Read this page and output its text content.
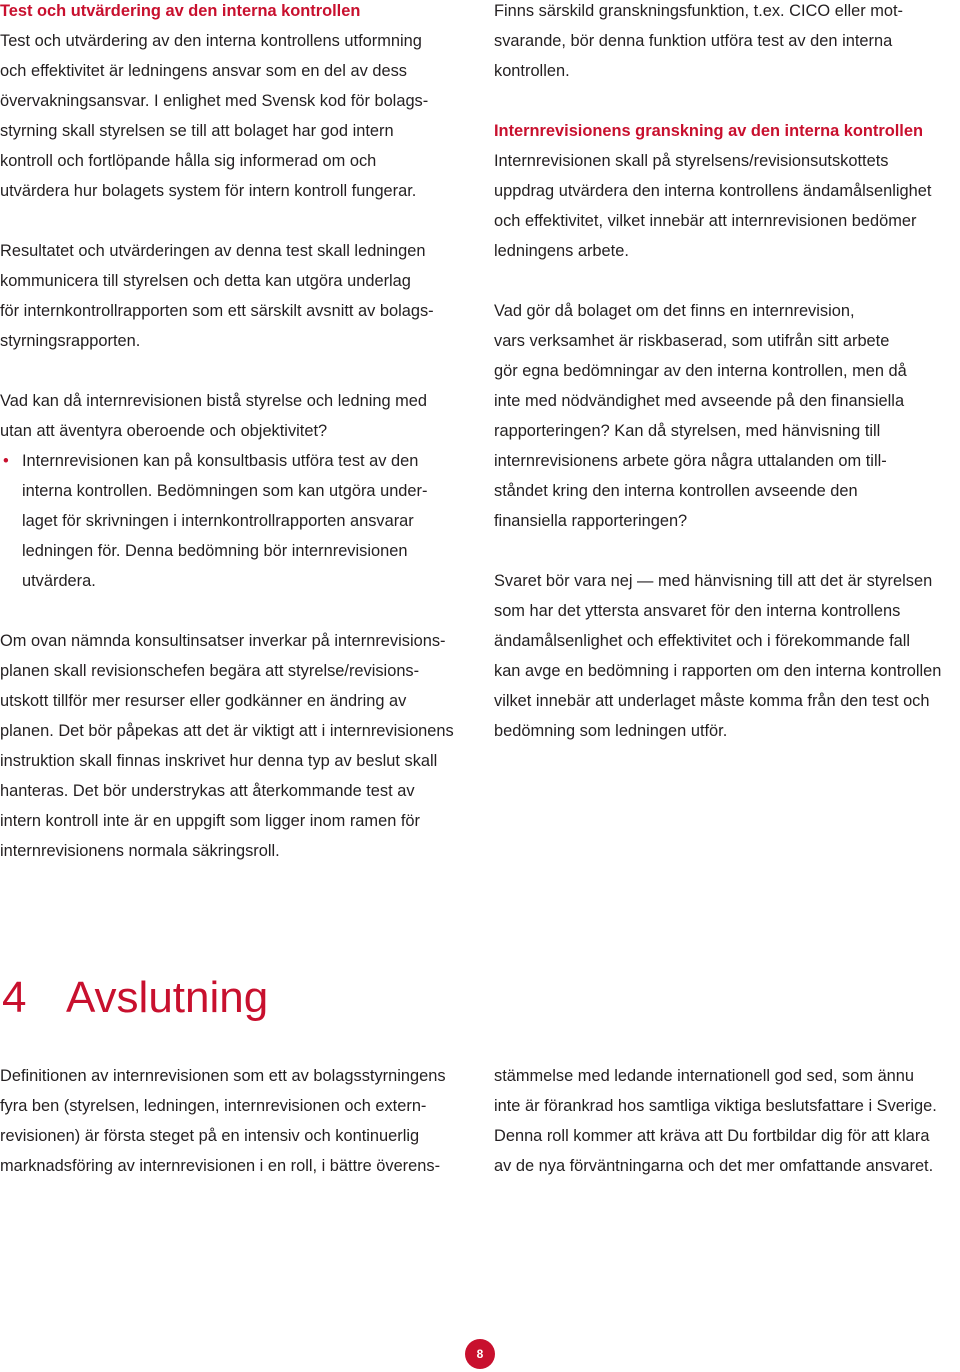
Test och utvärdering av den interna kontrollen
Test och utvärdering av den interna kontrollens utformning
och effektivitet är ledningens ansvar som en del av dess
övervakningsansvar. I enlighet med Svensk kod för bolags-
styrning skall styrelsen se till att bolaget har god intern
kontroll och fortlöpande hålla sig informerad om och
utvärdera hur bolagets system för intern kontroll fungerar.
Resultatet och utvärderingen av denna test skall ledningen
kommunicera till styrelsen och detta kan utgöra underlag
för internkontrollrapporten som ett särskilt avsnitt av bolags-
styrningsrapporten.
Vad kan då internrevisionen bistå styrelse och ledning med
utan att äventyra oberoende och objektivitet?
• Internrevisionen kan på konsultbasis utföra test av den
interna kontrollen. Bedömningen som kan utgöra under-
laget för skrivningen i internkontrollrapporten ansvarar
ledningen för. Denna bedömning bör internrevisionen
utvärdera.
Om ovan nämnda konsultinsatser inverkar på internrevisions-
planen skall revisionschefen begära att styrelse/revisions-
utskott tillför mer resurser eller godkänner en ändring av
planen. Det bör påpekas att det är viktigt att i internrevisionens
instruktion skall finnas inskrivet hur denna typ av beslut skall
hanteras. Det bör understrykas att återkommande test av
intern kontroll inte är en uppgift som ligger inom ramen för
internrevisionens normala säkringsroll.
Finns särskild granskningsfunktion, t.ex. CICO eller mot-
svarande, bör denna funktion utföra test av den interna
kontrollen.
Internrevisionens granskning av den interna kontrollen
Internrevisionen skall på styrelsens/revisionsutskottets
uppdrag utvärdera den interna kontrollens ändamålsenlighet
och effektivitet, vilket innebär att internrevisionen bedömer
ledningens arbete.
Vad gör då bolaget om det finns en internrevision,
vars verksamhet är riskbaserad, som utifrån sitt arbete
gör egna bedömningar av den interna kontrollen, men då
inte med nödvändighet med avseende på den finansiella
rapporteringen? Kan då styrelsen, med hänvisning till
internrevisionens arbete göra några uttalanden om till-
ståndet kring den interna kontrollen avseende den
finansiella rapporteringen?
Svaret bör vara nej — med hänvisning till att det är styrelsen
som har det yttersta ansvaret för den interna kontrollens
ändamålsenlighet och effektivitet och i förekommande fall
kan avge en bedömning i rapporten om den interna kontrollen
vilket innebär att underlaget måste komma från den test och
bedömning som ledningen utför.
4 Avslutning
Definitionen av internrevisionen som ett av bolagsstyrningens
fyra ben (styrelsen, ledningen, internrevisionen och extern-
revisionen) är första steget på en intensiv och kontinuerlig
marknadsföring av internrevisionen i en roll, i bättre överens-
stämmelse med ledande internationell god sed, som ännu
inte är förankrad hos samtliga viktiga beslutsfattare i Sverige.
Denna roll kommer att kräva att Du fortbildar dig för att klara
av de nya förväntningarna och det mer omfattande ansvaret.
8
